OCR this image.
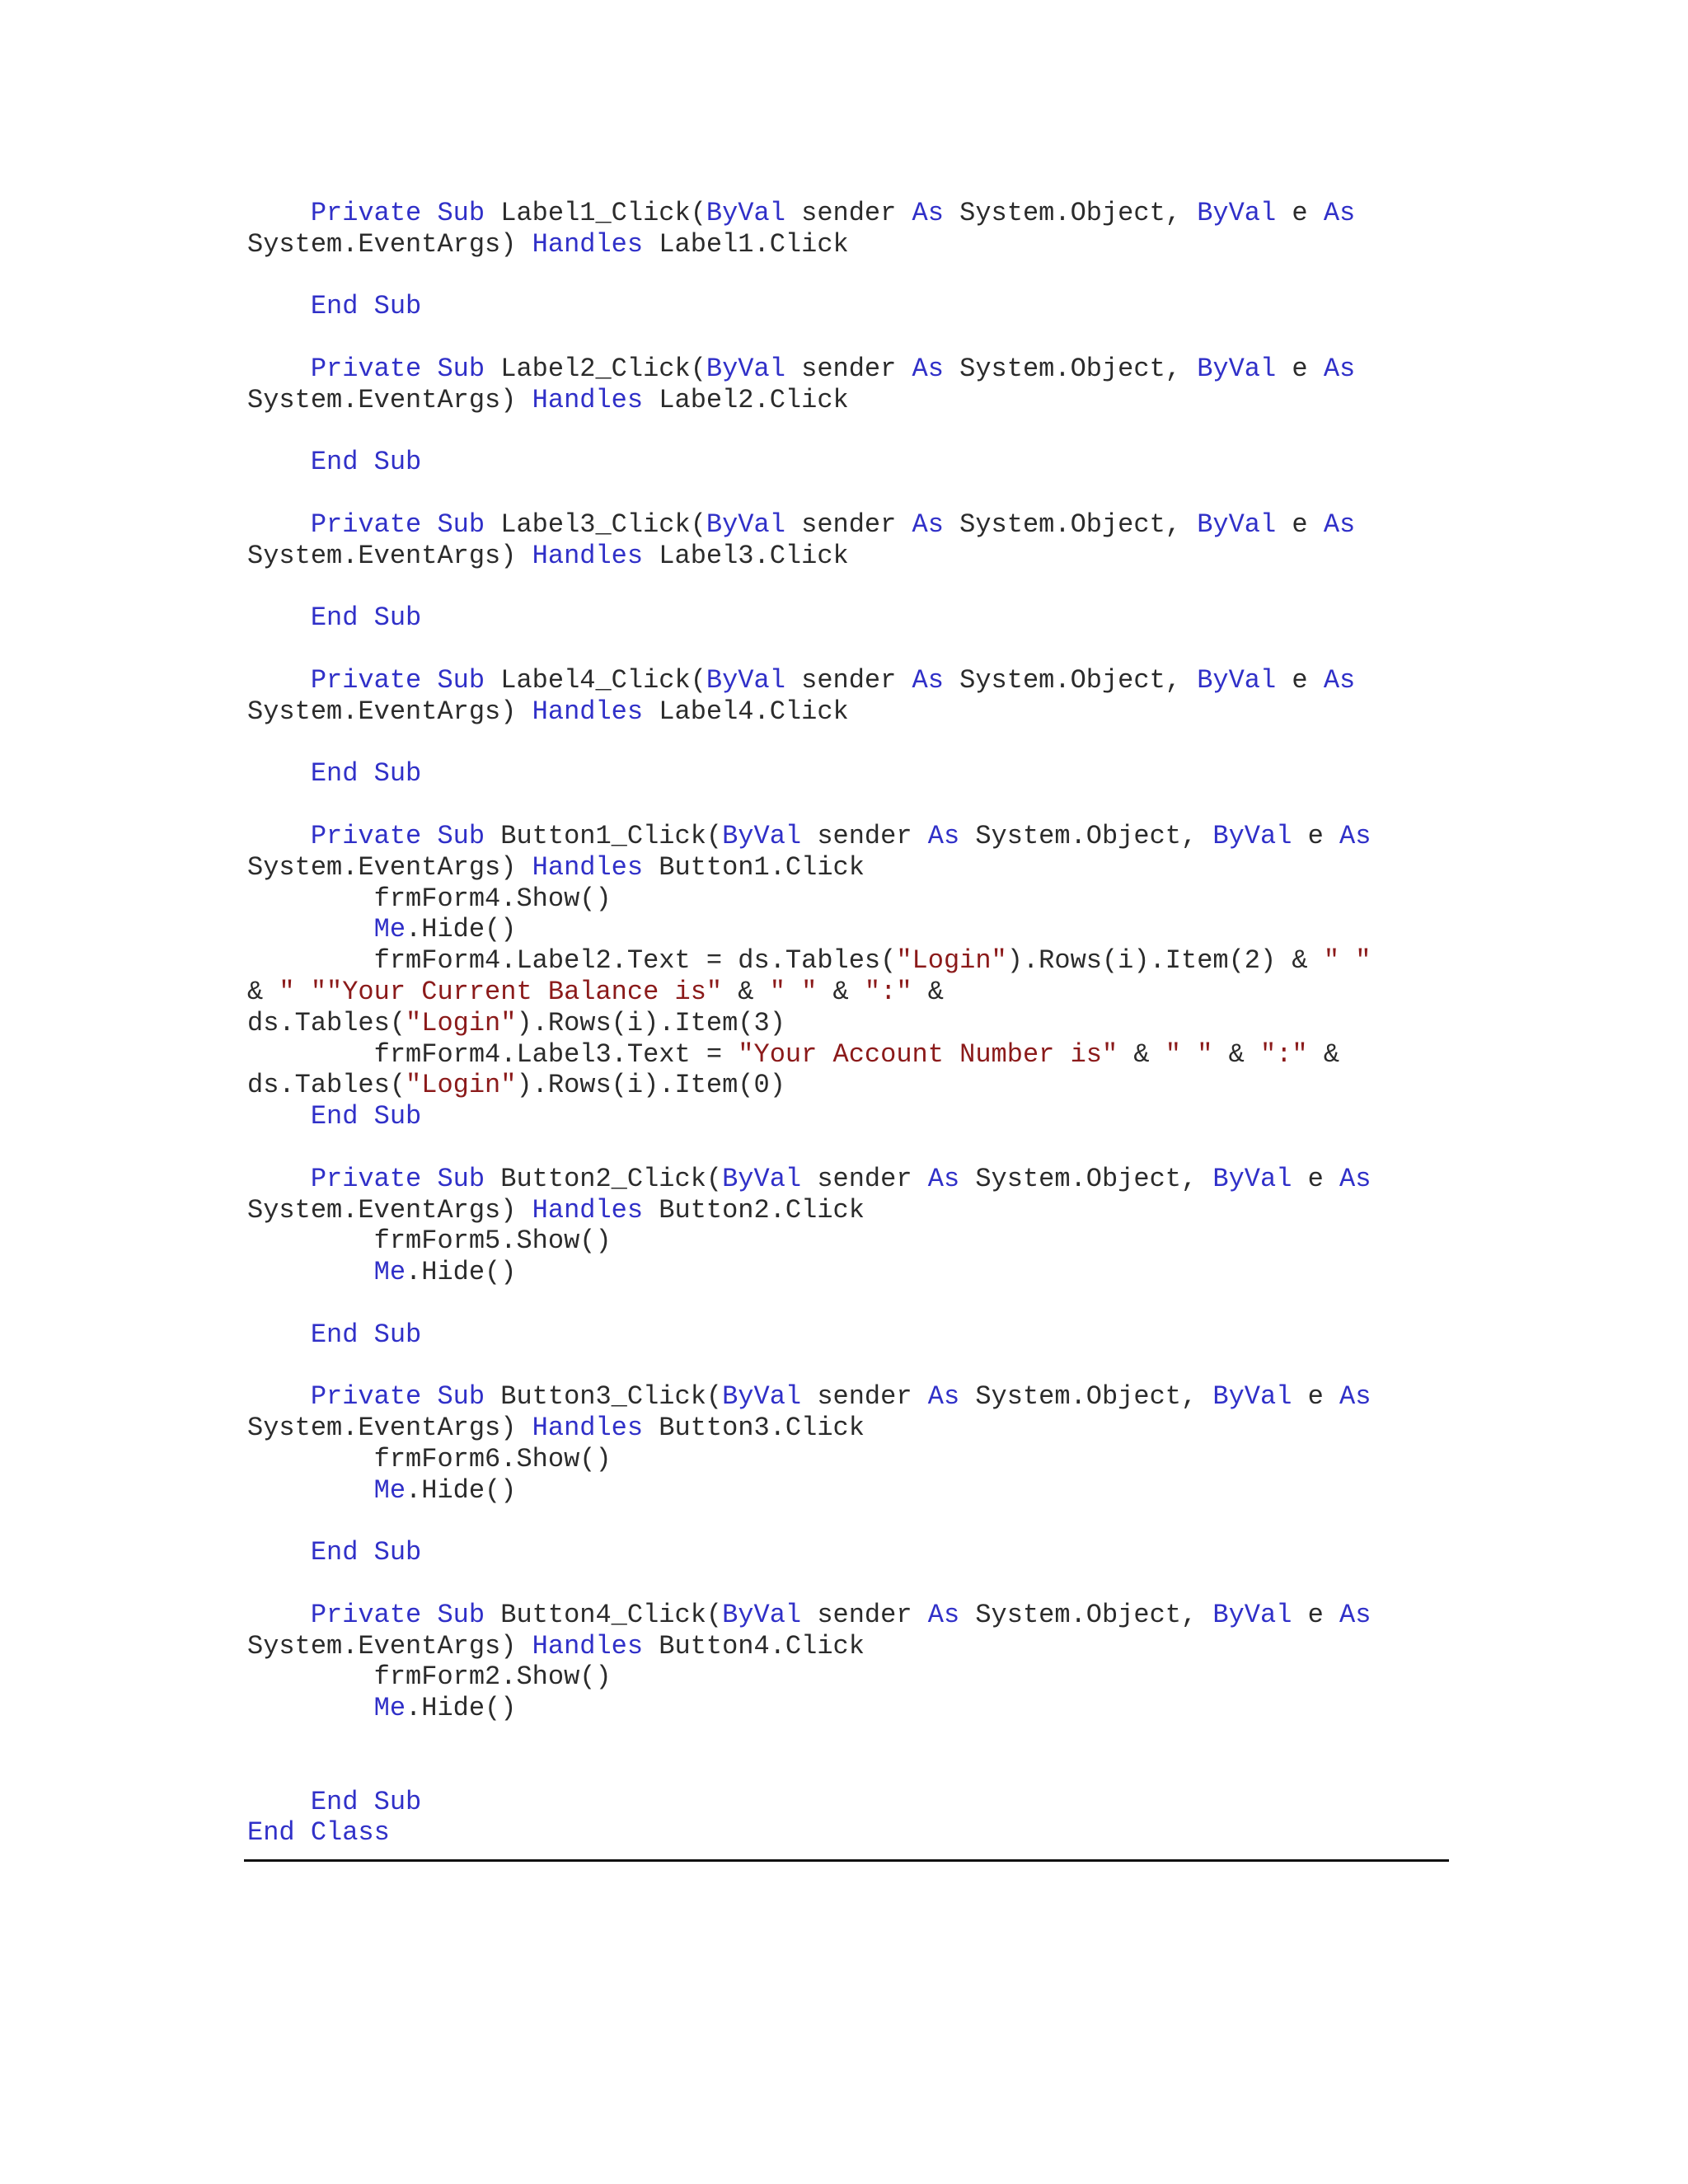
Private Sub Label1_Click(ByVal sender As System.Object, ByVal e As
System.EventArgs) Handles Label1.Click
End Sub
Private Sub Label2_Click(ByVal sender As System.Object, ByVal e As
System.EventArgs) Handles Label2.Click
End Sub
Private Sub Label3_Click(ByVal sender As System.Object, ByVal e As
System.EventArgs) Handles Label3.Click
End Sub
Private Sub Label4_Click(ByVal sender As System.Object, ByVal e As
System.EventArgs) Handles Label4.Click
End Sub
Private Sub Button1_Click(ByVal sender As System.Object, ByVal e As
System.EventArgs) Handles Button1.Click
frmForm4.Show()
Me.Hide()
frmForm4.Label2.Text = ds.Tables("Login").Rows(i).Item(2) & " "
& " ""Your Current Balance is" & " " & ":" &
ds.Tables("Login").Rows(i).Item(3)
frmForm4.Label3.Text = "Your Account Number is" & " " & ":" &
ds.Tables("Login").Rows(i).Item(0)
End Sub
Private Sub Button2_Click(ByVal sender As System.Object, ByVal e As
System.EventArgs) Handles Button2.Click
frmForm5.Show()
Me.Hide()
End Sub
Private Sub Button3_Click(ByVal sender As System.Object, ByVal e As
System.EventArgs) Handles Button3.Click
frmForm6.Show()
Me.Hide()
End Sub
Private Sub Button4_Click(ByVal sender As System.Object, ByVal e As
System.EventArgs) Handles Button4.Click
frmForm2.Show()
Me.Hide()
End Sub
End Class
